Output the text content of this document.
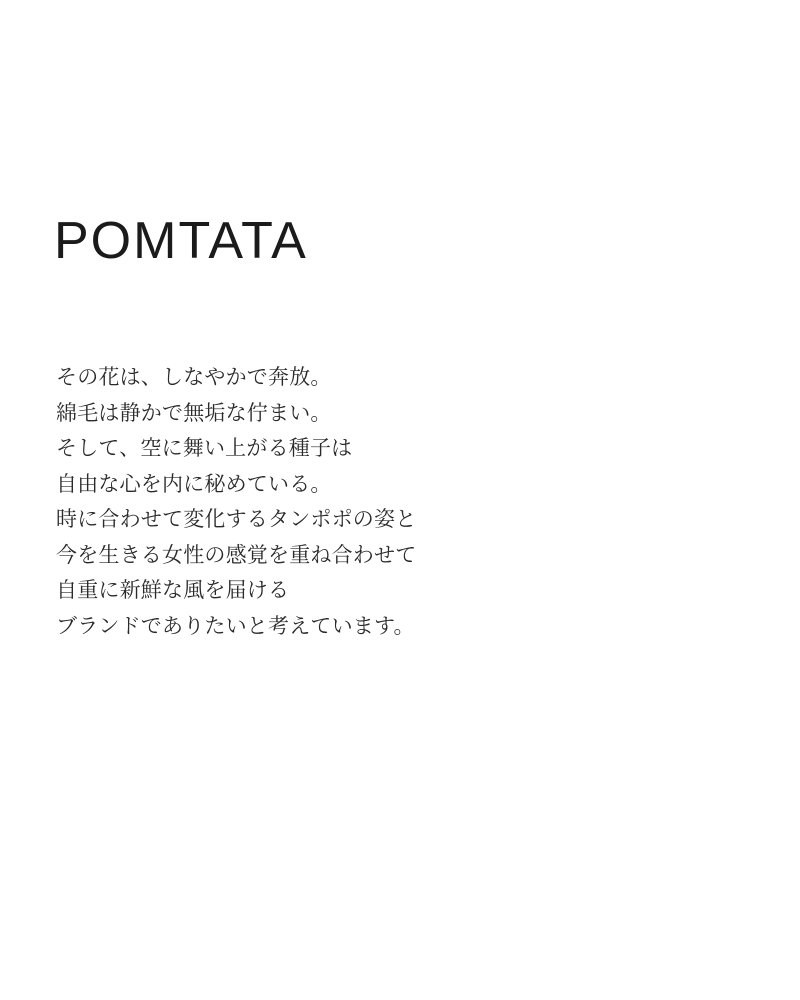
POMTATA

その花は、しなやかで奔放。

綿毛は静かで無垢な佇まい。

そして、空に舞い上がる種子は

自由な心を内に秘めている。

時に合わせて変化するタンポポの姿と

今を生きる女性の感覚を重ね合わせて

自重に新鮮な風を届ける

ブランドでありたいと考えています。
